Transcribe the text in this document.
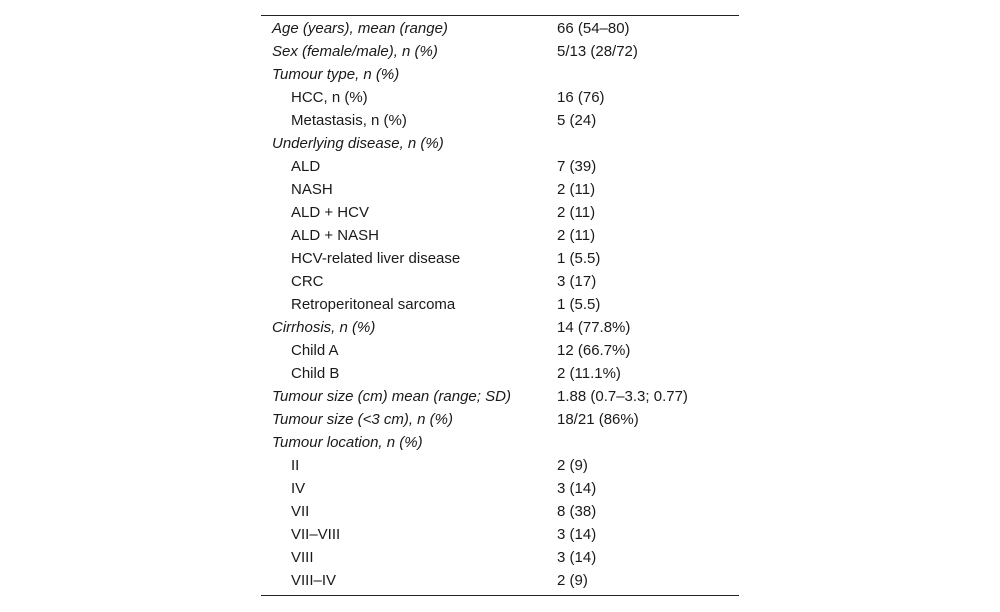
Age (years), mean (range)	66 (54–80)
Sex (female/male), n (%)	5/13 (28/72)
Tumour type, n (%)
HCC, n (%)	16 (76)
Metastasis, n (%)	5 (24)
Underlying disease, n (%)
ALD	7 (39)
NASH	2 (11)
ALD + HCV	2 (11)
ALD + NASH	2 (11)
HCV-related liver disease	1 (5.5)
CRC	3 (17)
Retroperitoneal sarcoma	1 (5.5)
Cirrhosis, n (%)	14 (77.8%)
Child A	12 (66.7%)
Child B	2 (11.1%)
Tumour size (cm) mean (range; SD)	1.88 (0.7–3.3; 0.77)
Tumour size (<3 cm), n (%)	18/21 (86%)
Tumour location, n (%)
II	2 (9)
IV	3 (14)
VII	8 (38)
VII–VIII	3 (14)
VIII	3 (14)
VIII–IV	2 (9)
